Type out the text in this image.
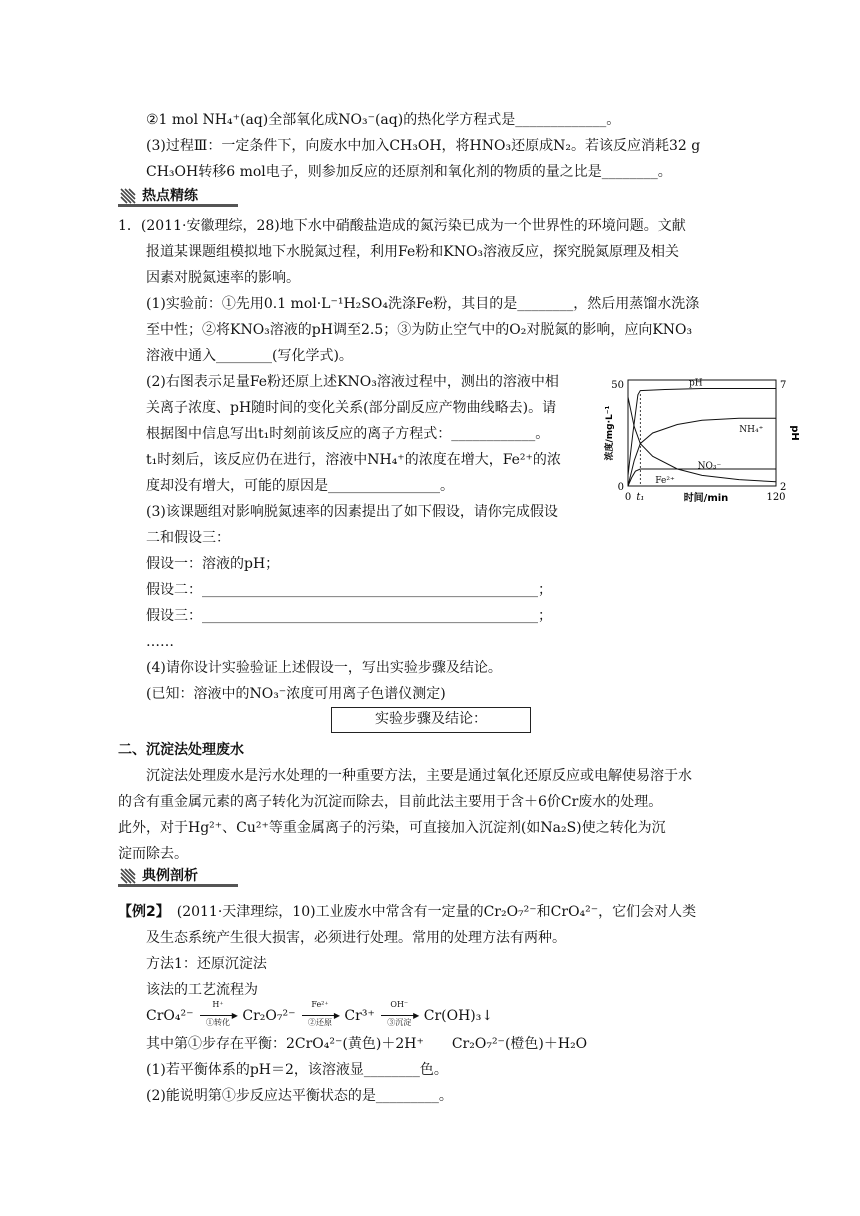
②1 mol NH₄⁺(aq)全部氧化成NO₃⁻(aq)的热化学方程式是_____________。
(3)过程Ⅲ：一定条件下，向废水中加入CH₃OH，将HNO₃还原成N₂。若该反应消耗32 g
CH₃OH转移6 mol电子，则参加反应的还原剂和氧化剂的物质的量之比是________。
热点精练
1．(2011·安徽理综，28)地下水中硝酸盐造成的氮污染已成为一个世界性的环境问题。文献
报道某课题组模拟地下水脱氮过程，利用Fe粉和KNO₃溶液反应，探究脱氮原理及相关
因素对脱氮速率的影响。
(1)实验前：①先用0.1 mol·L⁻¹H₂SO₄洗涤Fe粉，其目的是________，然后用蒸馏水洗涤
至中性；②将KNO₃溶液的pH调至2.5；③为防止空气中的O₂对脱氮的影响，应向KNO₃
溶液中通入________(写化学式)。
(2)右图表示足量Fe粉还原上述KNO₃溶液过程中，测出的溶液中相
关离子浓度、pH随时间的变化关系(部分副反应产物曲线略去)。请
根据图中信息写出t₁时刻前该反应的离子方程式：____________。
t₁时刻后，该反应仍在进行，溶液中NH₄⁺的浓度在增大，Fe²⁺的浓
度却没有增大，可能的原因是________________。
(3)该课题组对影响脱氮速率的因素提出了如下假设，请你完成假设
二和假设三：
假设一：溶液的pH；
假设二：________________________________________________；
假设三：________________________________________________；
……
(4)请你设计实验验证上述假设一，写出实验步骤及结论。
(已知：溶液中的NO₃⁻浓度可用离子色谱仪测定)
实验步骤及结论：
pH
NH₄⁺
NO₃⁻
Fe²⁺
50
0
7
2
0 t₁	120
时间/min
浓度/mg·L⁻¹	pH
二、沉淀法处理废水
沉淀法处理废水是污水处理的一种重要方法，主要是通过氧化还原反应或电解使易溶于水
的含有重金属元素的离子转化为沉淀而除去，目前此法主要用于含＋6价Cr废水的处理。
此外，对于Hg²⁺、Cu²⁺等重金属离子的污染，可直接加入沉淀剂(如Na₂S)使之转化为沉
淀而除去。
典例剖析
【例2】　 (2011·天津理综，10)工业废水中常含有一定量的Cr₂O₇²⁻和CrO₄²⁻，它们会对人类
及生态系统产生很大损害，必须进行处理。常用的处理方法有两种。
方法1：还原沉淀法
该法的工艺流程为
CrO₄²⁻
H⁺
▶
①转化 Cr₂O₇²⁻
Fe²⁺
▶
②还原 Cr³⁺
OH⁻
▶
③沉淀 Cr(OH)₃↓
其中第①步存在平衡：2CrO₄²⁻(黄色)＋2H⁺　　Cr₂O₇²⁻(橙色)＋H₂O
(1)若平衡体系的pH＝2，该溶液显________色。
(2)能说明第①步反应达平衡状态的是_________。
